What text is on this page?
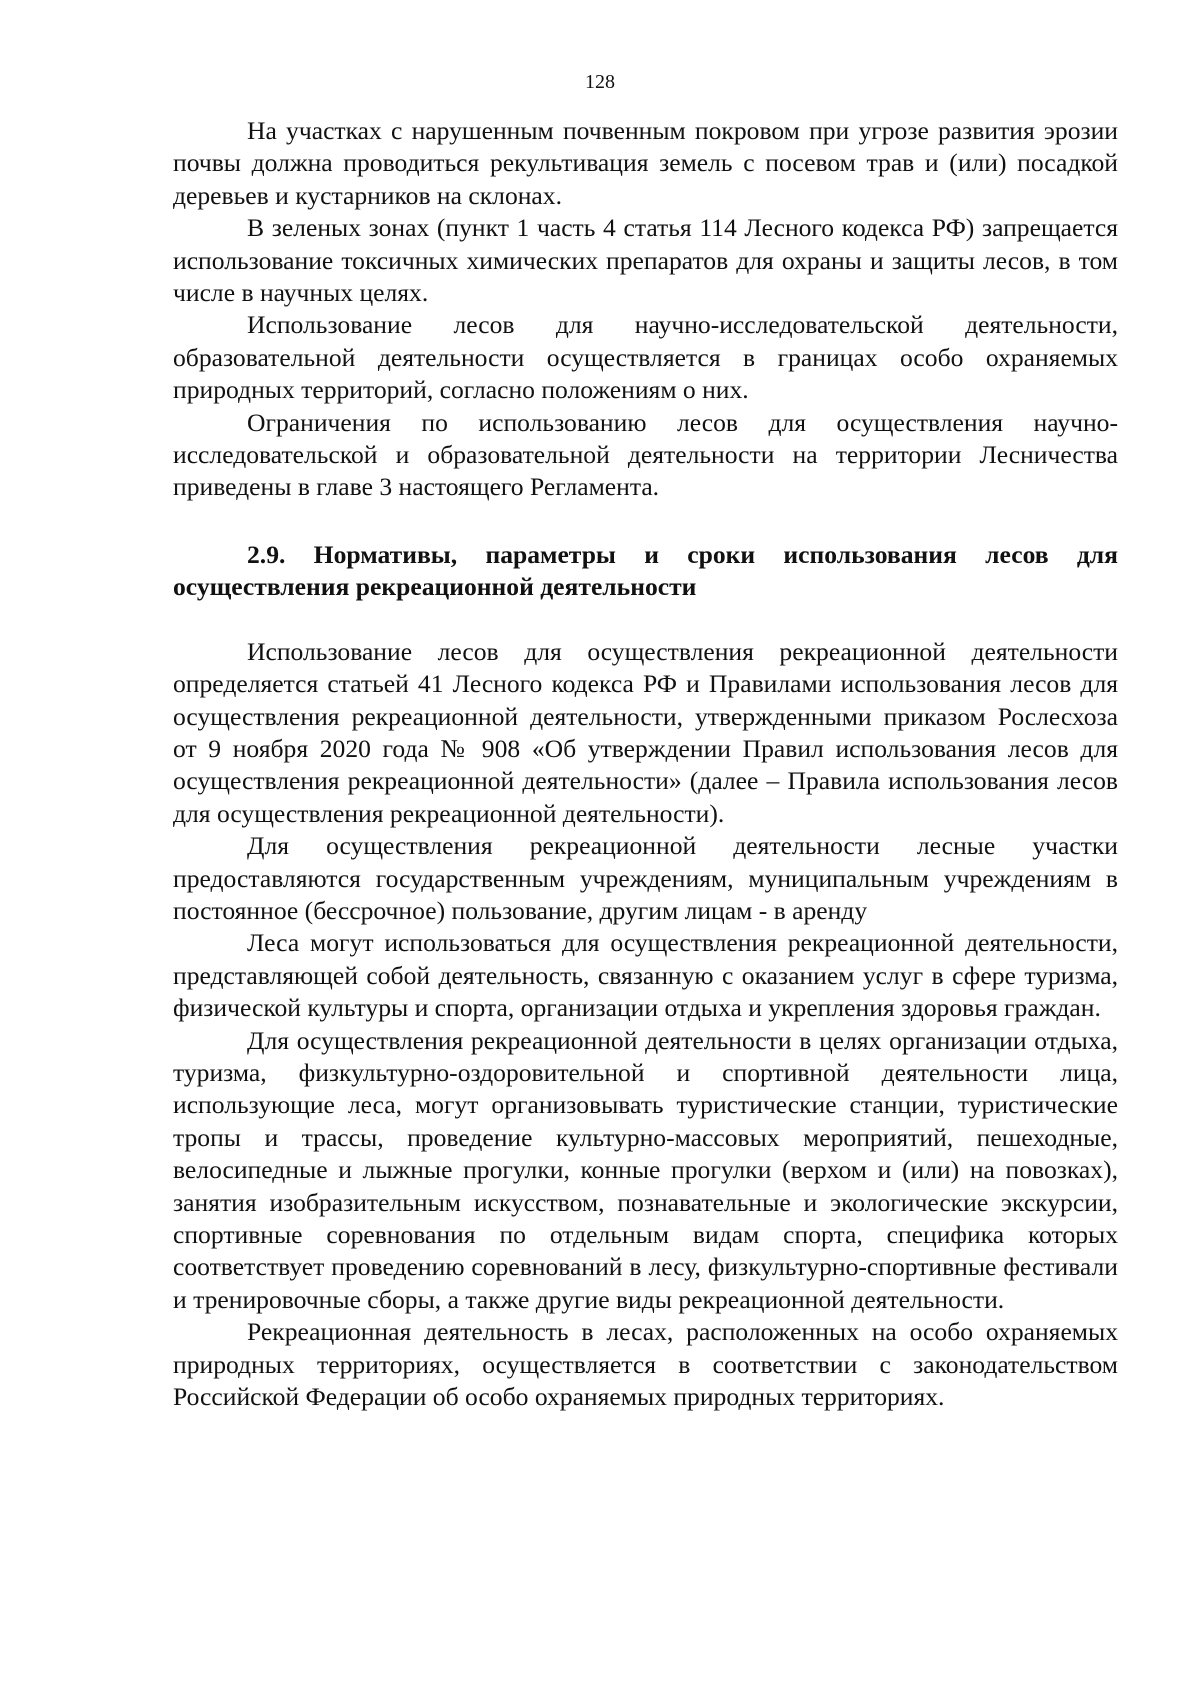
128

На участках с нарушенным почвенным покровом при угрозе развития эрозии почвы должна проводиться рекультивация земель с посевом трав и (или) посадкой деревьев и кустарников на склонах.

В зеленых зонах (пункт 1 часть 4 статья 114 Лесного кодекса РФ) запрещается использование токсичных химических препаратов для охраны и защиты лесов, в том числе в научных целях.

Использование лесов для научно-исследовательской деятельности, образовательной деятельности осуществляется в границах особо охраняемых природных территорий, согласно положениям о них.

Ограничения по использованию лесов для осуществления научно-исследовательской и образовательной деятельности на территории Лесничества приведены в главе 3 настоящего Регламента.

2.9. Нормативы, параметры и сроки использования лесов для осуществления рекреационной деятельности

Использование лесов для осуществления рекреационной деятельности определяется статьей 41 Лесного кодекса РФ и Правилами использования лесов для осуществления рекреационной деятельности, утвержденными приказом Рослесхоза от 9 ноября 2020 года № 908 «Об утверждении Правил использования лесов для осуществления рекреационной деятельности» (далее – Правила использования лесов для осуществления рекреационной деятельности).

Для осуществления рекреационной деятельности лесные участки предоставляются государственным учреждениям, муниципальным учреждениям в постоянное (бессрочное) пользование, другим лицам - в аренду

Леса могут использоваться для осуществления рекреационной деятельности, представляющей собой деятельность, связанную с оказанием услуг в сфере туризма, физической культуры и спорта, организации отдыха и укрепления здоровья граждан.

Для осуществления рекреационной деятельности в целях организации отдыха, туризма, физкультурно-оздоровительной и спортивной деятельности лица, использующие леса, могут организовывать туристические станции, туристические тропы и трассы, проведение культурно-массовых мероприятий, пешеходные, велосипедные и лыжные прогулки, конные прогулки (верхом и (или) на повозках), занятия изобразительным искусством, познавательные и экологические экскурсии, спортивные соревнования по отдельным видам спорта, специфика которых соответствует проведению соревнований в лесу, физкультурно-спортивные фестивали и тренировочные сборы, а также другие виды рекреационной деятельности.

Рекреационная деятельность в лесах, расположенных на особо охраняемых природных территориях, осуществляется в соответствии с законодательством Российской Федерации об особо охраняемых природных территориях.
